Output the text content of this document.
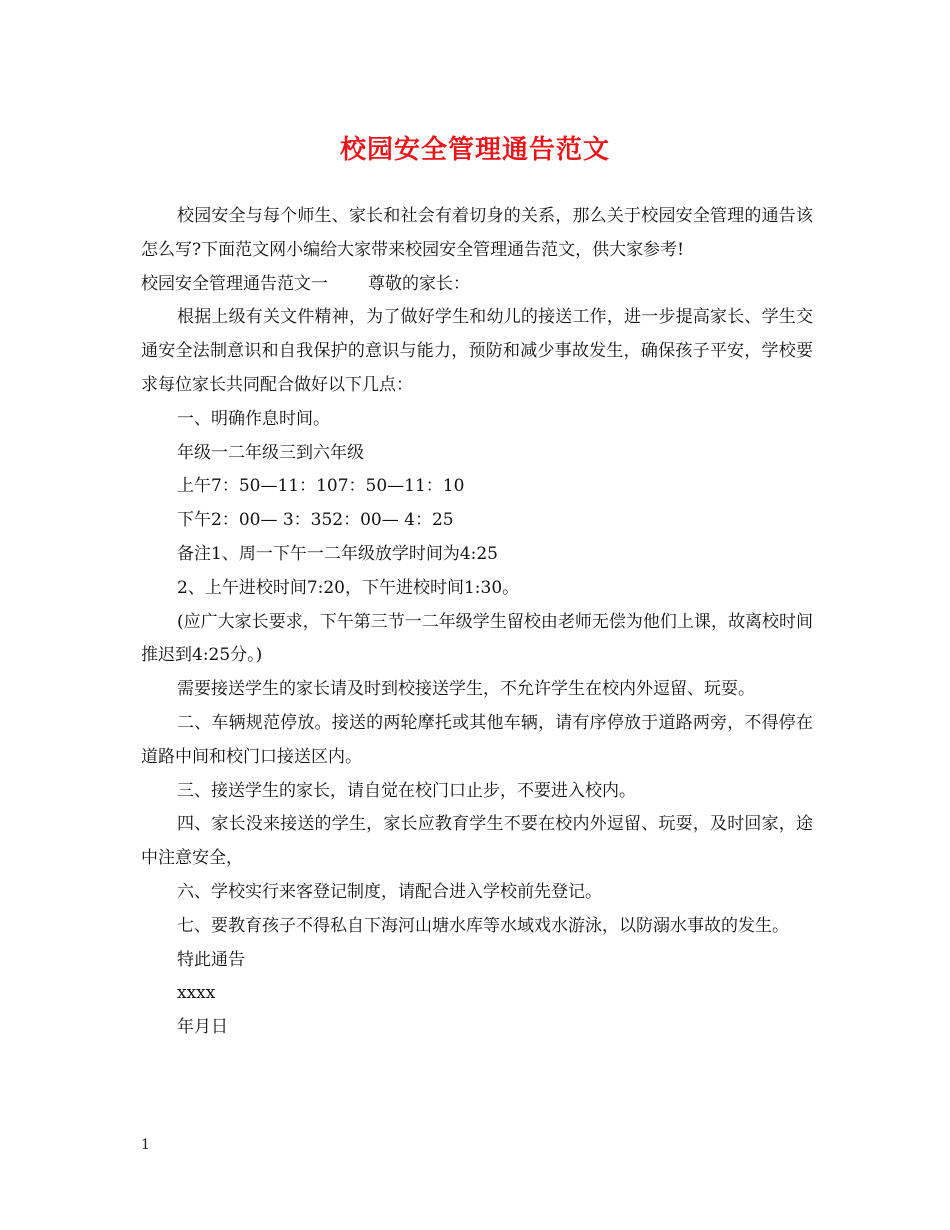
校园安全管理通告范文

校园安全与每个师生、家长和社会有着切身的关系，那么关于校园安全管理的通告该怎么写?下面范文网小编给大家带来校园安全管理通告范文，供大家参考!

校园安全管理通告范文一 尊敬的家长：

根据上级有关文件精神，为了做好学生和幼儿的接送工作，进一步提高家长、学生交通安全法制意识和自我保护的意识与能力，预防和减少事故发生，确保孩子平安，学校要求每位家长共同配合做好以下几点：

一、明确作息时间。

年级一二年级三到六年级

上午7：50—11：107：50—11：10

下午2：00— 3：352：00— 4：25

备注1、周一下午一二年级放学时间为4:25

2、上午进校时间7:20，下午进校时间1:30。

(应广大家长要求，下午第三节一二年级学生留校由老师无偿为他们上课，故离校时间推迟到4:25分。)

需要接送学生的家长请及时到校接送学生，不允许学生在校内外逗留、玩耍。

二、车辆规范停放。接送的两轮摩托或其他车辆，请有序停放于道路两旁，不得停在道路中间和校门口接送区内。

三、接送学生的家长，请自觉在校门口止步，不要进入校内。

四、家长没来接送的学生，家长应教育学生不要在校内外逗留、玩耍，及时回家，途中注意安全，

六、学校实行来客登记制度，请配合进入学校前先登记。

七、要教育孩子不得私自下海河山塘水库等水域戏水游泳，以防溺水事故的发生。

特此通告

xxxx

年月日

1
